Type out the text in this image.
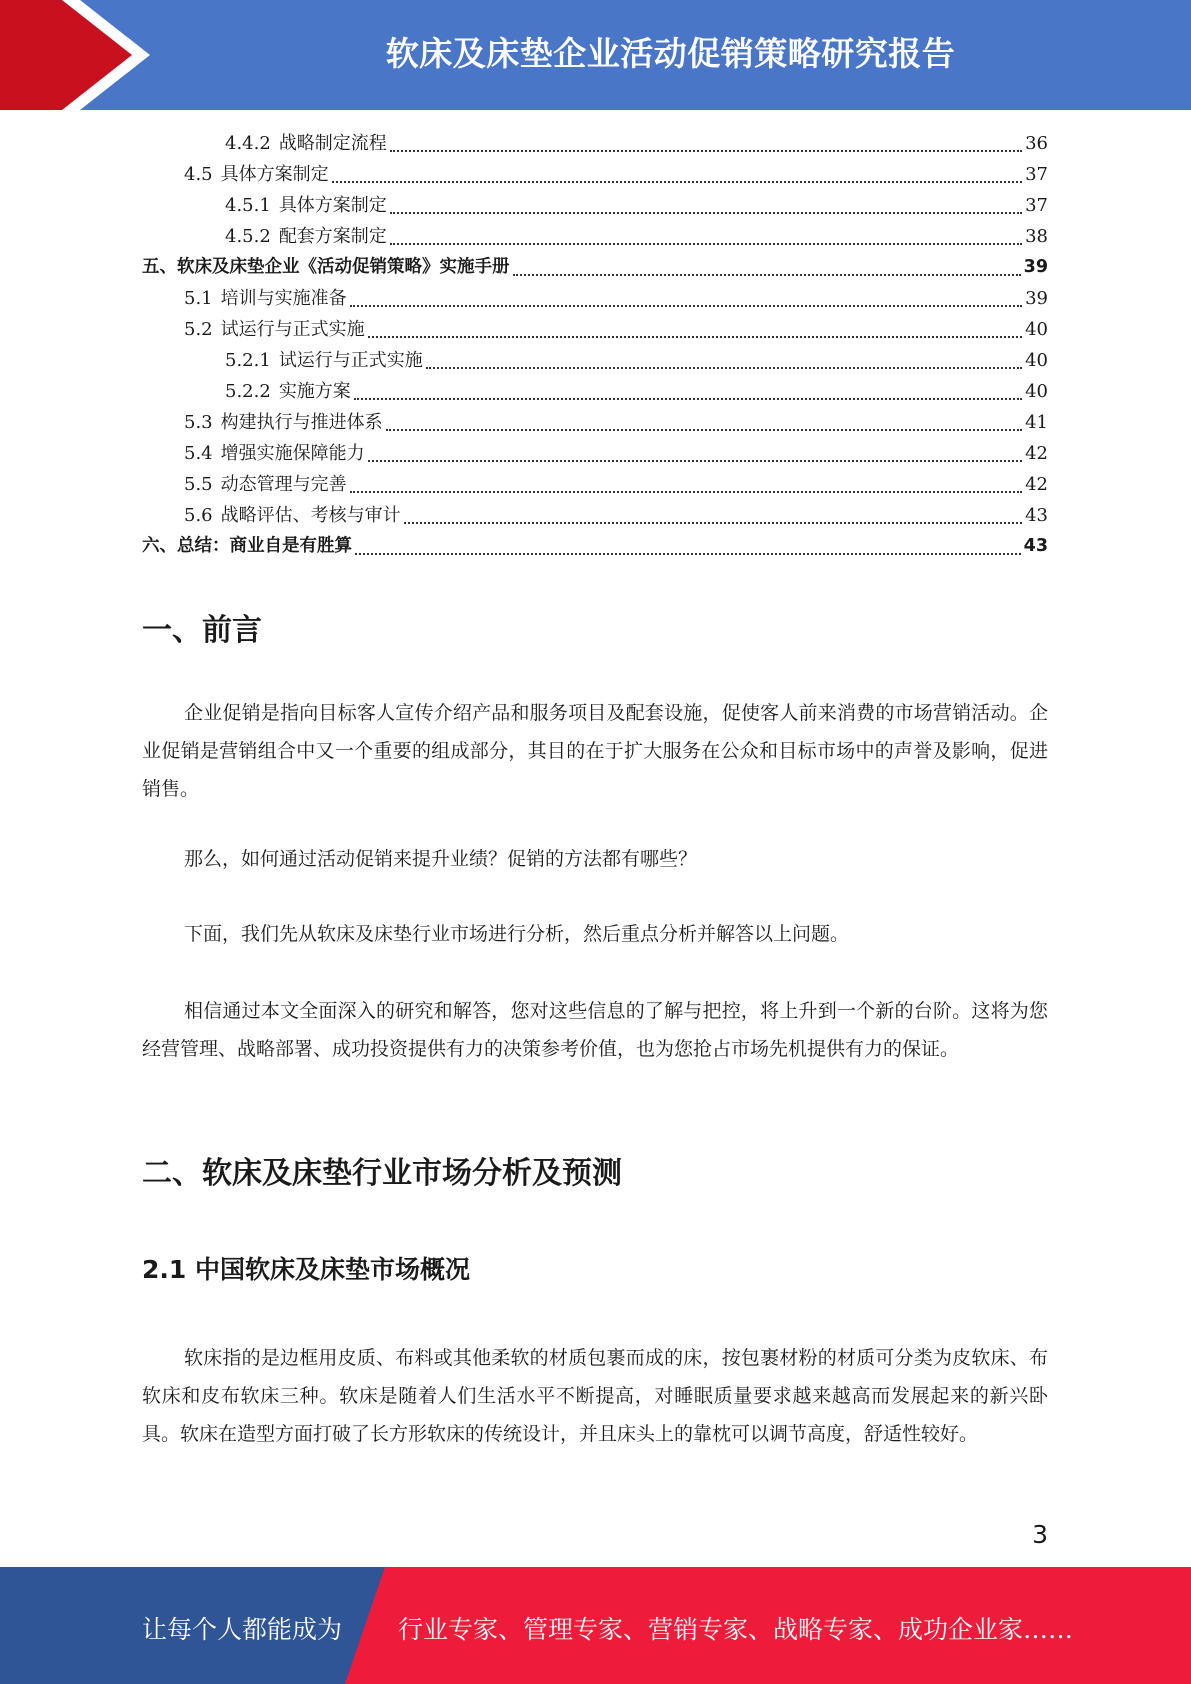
软床及床垫企业活动促销策略研究报告
4.4.2 战略制定流程	36
4.5 具体方案制定	37
4.5.1 具体方案制定	37
4.5.2 配套方案制定	38
五、 软床及床垫企业《活动促销策略》实施手册	39
5.1 培训与实施准备	39
5.2 试运行与正式实施	40
5.2.1 试运行与正式实施	40
5.2.2 实施方案	40
5.3 构建执行与推进体系	41
5.4 增强实施保障能力	42
5.5 动态管理与完善	42
5.6 战略评估、考核与审计	43
六、 总结：商业自是有胜算	43
一、前言

企业促销是指向目标客人宣传介绍产品和服务项目及配套设施，促使客人前来消费的市场营销活动。企业促销是营销组合中又一个重要的组成部分，其目的在于扩大服务在公众和目标市场中的声誉及影响，促进销售。

那么，如何通过活动促销来提升业绩？促销的方法都有哪些？

下面，我们先从软床及床垫行业市场进行分析，然后重点分析并解答以上问题。

相信通过本文全面深入的研究和解答，您对这些信息的了解与把控，将上升到一个新的台阶。这将为您经营管理、战略部署、成功投资提供有力的决策参考价值，也为您抢占市场先机提供有力的保证。

二、软床及床垫行业市场分析及预测
2.1 中国软床及床垫市场概况

软床指的是边框用皮质、布料或其他柔软的材质包裹而成的床，按包裹材粉的材质可分类为皮软床、布软床和皮布软床三种。软床是随着人们生活水平不断提高，对睡眠质量要求越来越高而发展起来的新兴卧具。软床在造型方面打破了长方形软床的传统设计，并且床头上的靠枕可以调节高度，舒适性较好。

3
让每个人都能成为 行业专家、管理专家、营销专家、战略专家、成功企业家……
